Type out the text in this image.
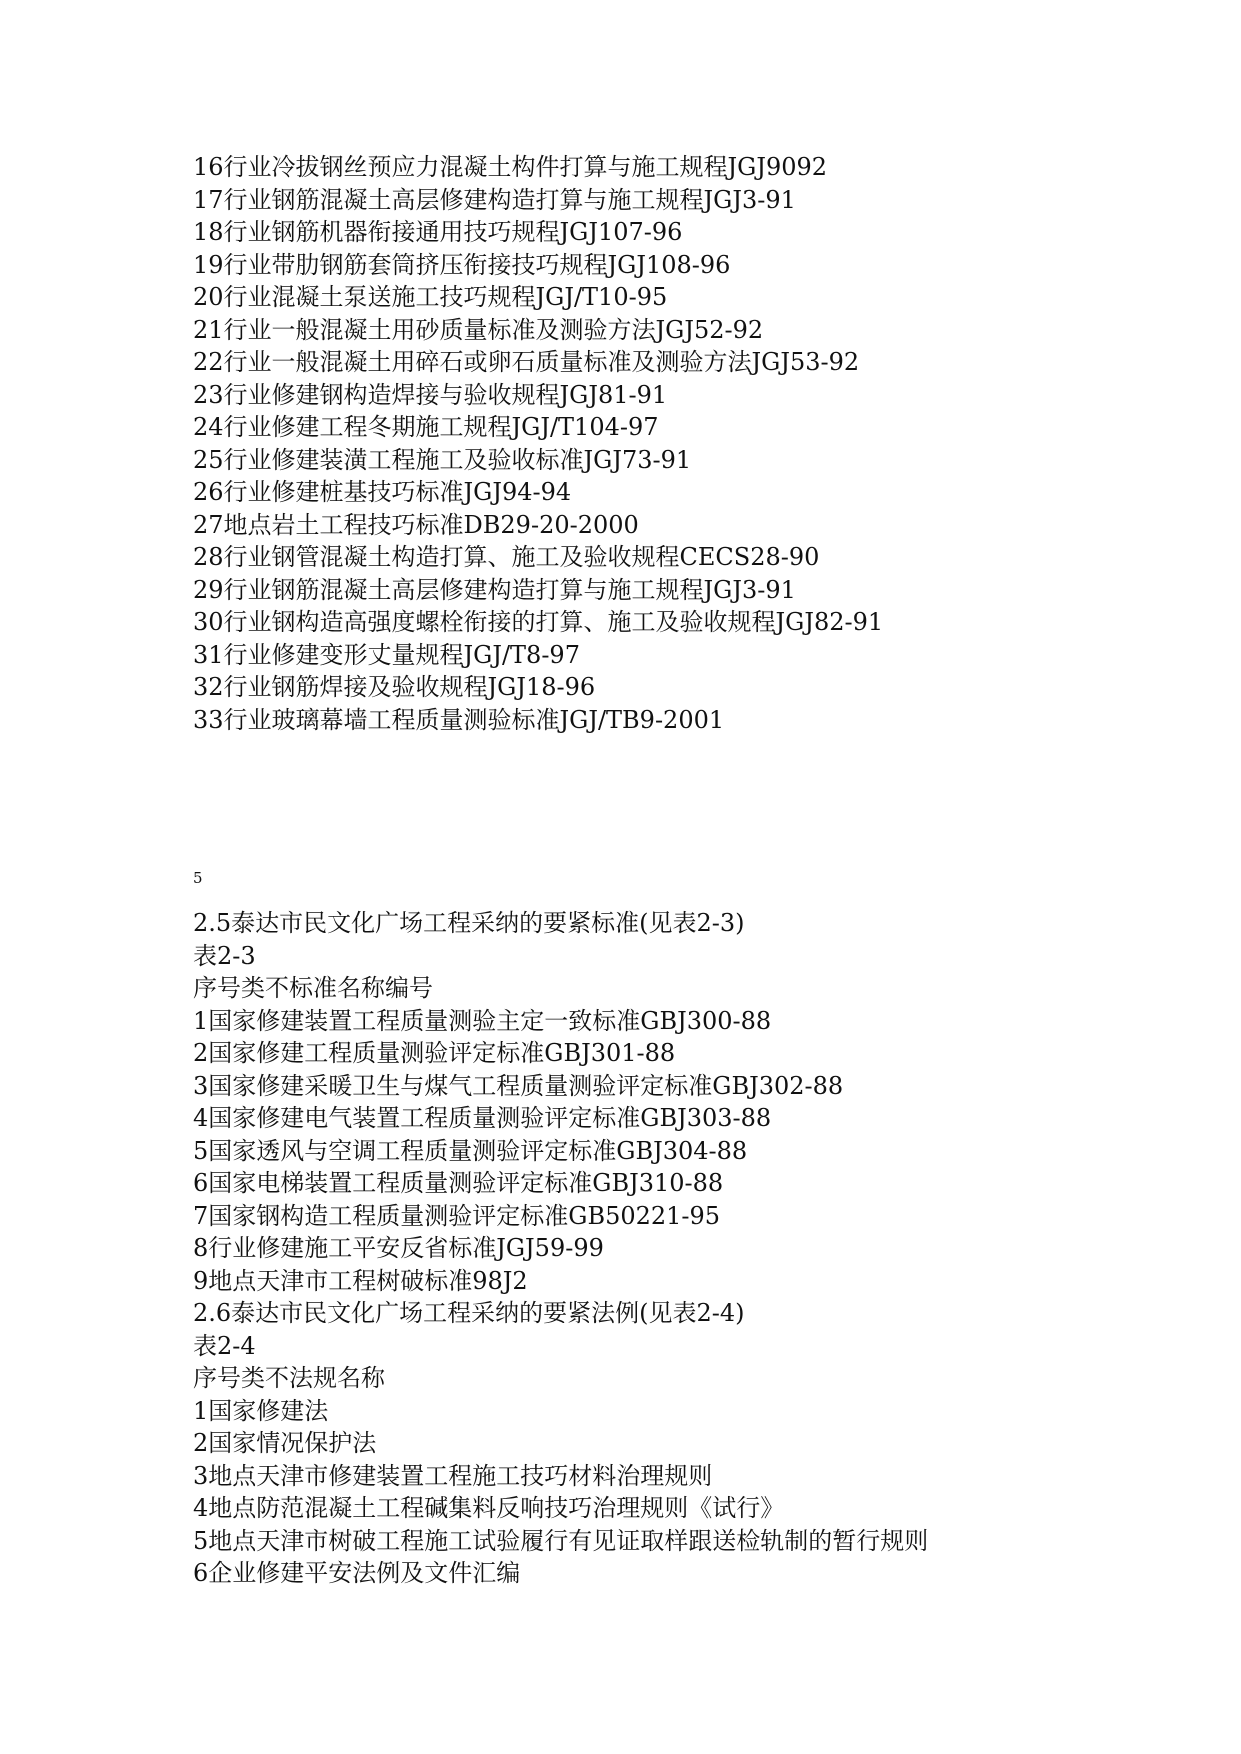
16行业冷拔钢丝预应力混凝土构件打算与施工规程JGJ9092
17行业钢筋混凝土高层修建构造打算与施工规程JGJ3-91
18行业钢筋机器衔接通用技巧规程JGJ107-96
19行业带肋钢筋套筒挤压衔接技巧规程JGJ108-96
20行业混凝土泵送施工技巧规程JGJ/T10-95
21行业一般混凝土用砂质量标准及测验方法JGJ52-92
22行业一般混凝土用碎石或卵石质量标准及测验方法JGJ53-92
23行业修建钢构造焊接与验收规程JGJ81-91
24行业修建工程冬期施工规程JGJ/T104-97
25行业修建装潢工程施工及验收标准JGJ73-91
26行业修建桩基技巧标准JGJ94-94
27地点岩土工程技巧标准DB29-20-2000
28行业钢管混凝土构造打算、施工及验收规程CECS28-90
29行业钢筋混凝土高层修建构造打算与施工规程JGJ3-91
30行业钢构造高强度螺栓衔接的打算、施工及验收规程JGJ82-91
31行业修建变形丈量规程JGJ/T8-97
32行业钢筋焊接及验收规程JGJ18-96
33行业玻璃幕墙工程质量测验标准JGJ/TB9-2001
5
2.5泰达市民文化广场工程采纳的要紧标准(见表2-3)
表2-3
序号类不标准名称编号
1国家修建装置工程质量测验主定一致标准GBJ300-88
2国家修建工程质量测验评定标准GBJ301-88
3国家修建采暖卫生与煤气工程质量测验评定标准GBJ302-88
4国家修建电气装置工程质量测验评定标准GBJ303-88
5国家透风与空调工程质量测验评定标准GBJ304-88
6国家电梯装置工程质量测验评定标准GBJ310-88
7国家钢构造工程质量测验评定标准GB50221-95
8行业修建施工平安反省标准JGJ59-99
9地点天津市工程树破标准98J2
2.6泰达市民文化广场工程采纳的要紧法例(见表2-4)
表2-4
序号类不法规名称
1国家修建法
2国家情况保护法
3地点天津市修建装置工程施工技巧材料治理规则
4地点防范混凝土工程碱集料反响技巧治理规则《试行》
5地点天津市树破工程施工试验履行有见证取样跟送检轨制的暂行规则
6企业修建平安法例及文件汇编
